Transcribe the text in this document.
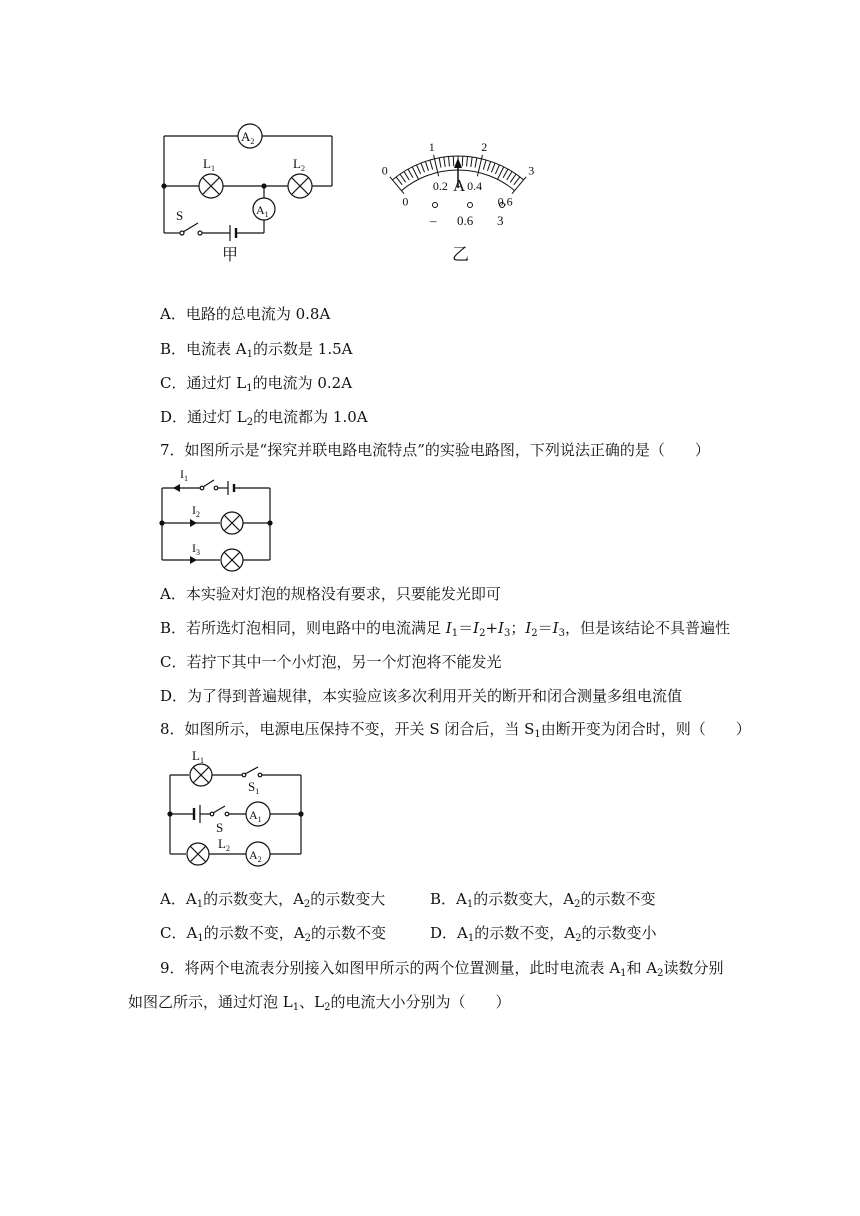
$A_2$
$L_1$	$L_2$
$A_1$
S
甲
A
– 0.6 3
乙
0
1	2
3
0
0.2 0.4
0.6
A．电路的总电流为 0.8A
B．电流表 $A_1$的示数是 1.5A
C．通过灯 $L_1$的电流为 0.2A
D．通过灯 $L_2$的电流都为 1.0A
7．如图所示是“探究并联电路电流特点”的实验电路图，下列说法正确的是（　　）
$I_1$
$I_2$
$I_3$
A．本实验对灯泡的规格没有要求，只要能发光即可
B．若所选灯泡相同，则电路中的电流满足 $I_1=I_2+I_3$；$I_2=I_3$，但是该结论不具普遍性
C．若拧下其中一个小灯泡，另一个灯泡将不能发光
D．为了得到普遍规律，本实验应该多次利用开关的断开和闭合测量多组电流值
8．如图所示，电源电压保持不变，开关 S 闭合后，当 $S_1$由断开变为闭合时，则（　　）
$L_1$
$S_1$
$A_1$
S
$L_2$ $A_2$
A．$A_1$的示数变大，$A_2$的示数变大	B．$A_1$的示数变大，$A_2$的示数不变
C．$A_1$的示数不变，$A_2$的示数不变	D．$A_1$的示数不变，$A_2$的示数变小
9．将两个电流表分别接入如图甲所示的两个位置测量，此时电流表 $A_1$和 $A_2$读数分别
如图乙所示，通过灯泡 $L_1$、$L_2$的电流大小分别为（　　）
